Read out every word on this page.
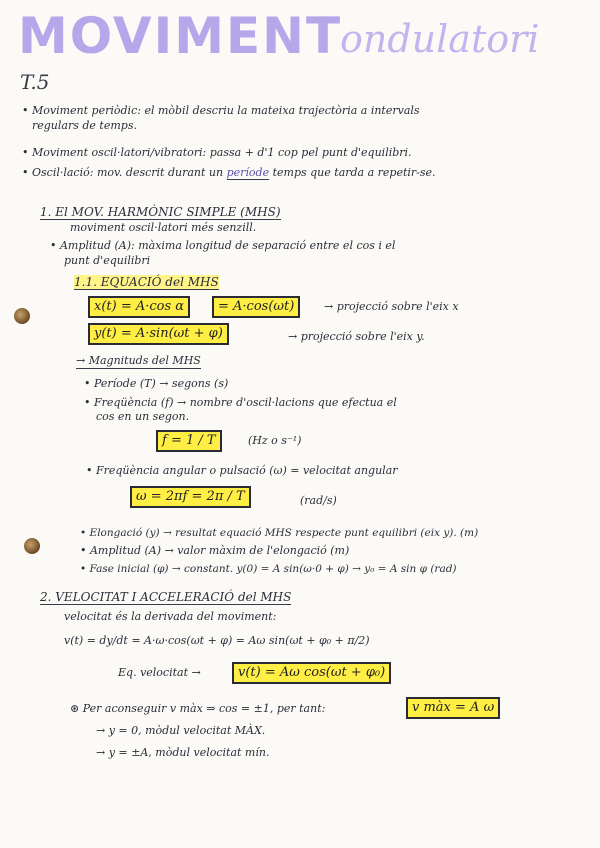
MOVIMENT
ondulatori
T.5
• Moviment periòdic: el mòbil descriu la mateixa trajectòria a intervals
regulars de temps.
• Moviment oscil·latori/vibratori: passa + d'1 cop pel punt d'equilibri.
• Oscil·lació: mov. descrit durant un període temps que tarda a repetir-se.
1. El MOV. HARMÒNIC SIMPLE (MHS)
moviment oscil·latori més senzill.
• Amplitud (A): màxima longitud de separació entre el cos i el
punt d'equilibri
1.1. EQUACIÓ del MHS
x(t) = A·cos α	= A·cos(ωt)	→ projecció sobre l'eix x
y(t) = A·sin(ωt + φ)	→ projecció sobre l'eix y.
→ Magnituds del MHS
• Període (T) → segons (s)
• Freqüència (f) → nombre d'oscil·lacions que efectua el
cos en un segon.
f = 1 / T	(Hz o s⁻¹)
• Freqüència angular o pulsació (ω) = velocitat angular
ω = 2πf = 2π / T	(rad/s)
• Elongació (y) → resultat equació MHS respecte punt equilibri (eix y). (m)
• Amplitud (A) → valor màxim de l'elongació (m)
• Fase inicial (φ) → constant. y(0) = A sin(ω·0 + φ) → y₀ = A sin φ (rad)
2. VELOCITAT I ACCELERACIÓ del MHS
velocitat és la derivada del moviment:
v(t) = dy/dt = A·ω·cos(ωt + φ) = Aω sin(ωt + φ₀ + π/2)
Eq. velocitat →	v(t) = Aω cos(ωt + φ₀)
⊛ Per aconseguir v màx ⇒ cos = ±1, per tant:	v màx = A ω
→ y = 0, mòdul velocitat MÀX.
→ y = ±A, mòdul velocitat mín.
